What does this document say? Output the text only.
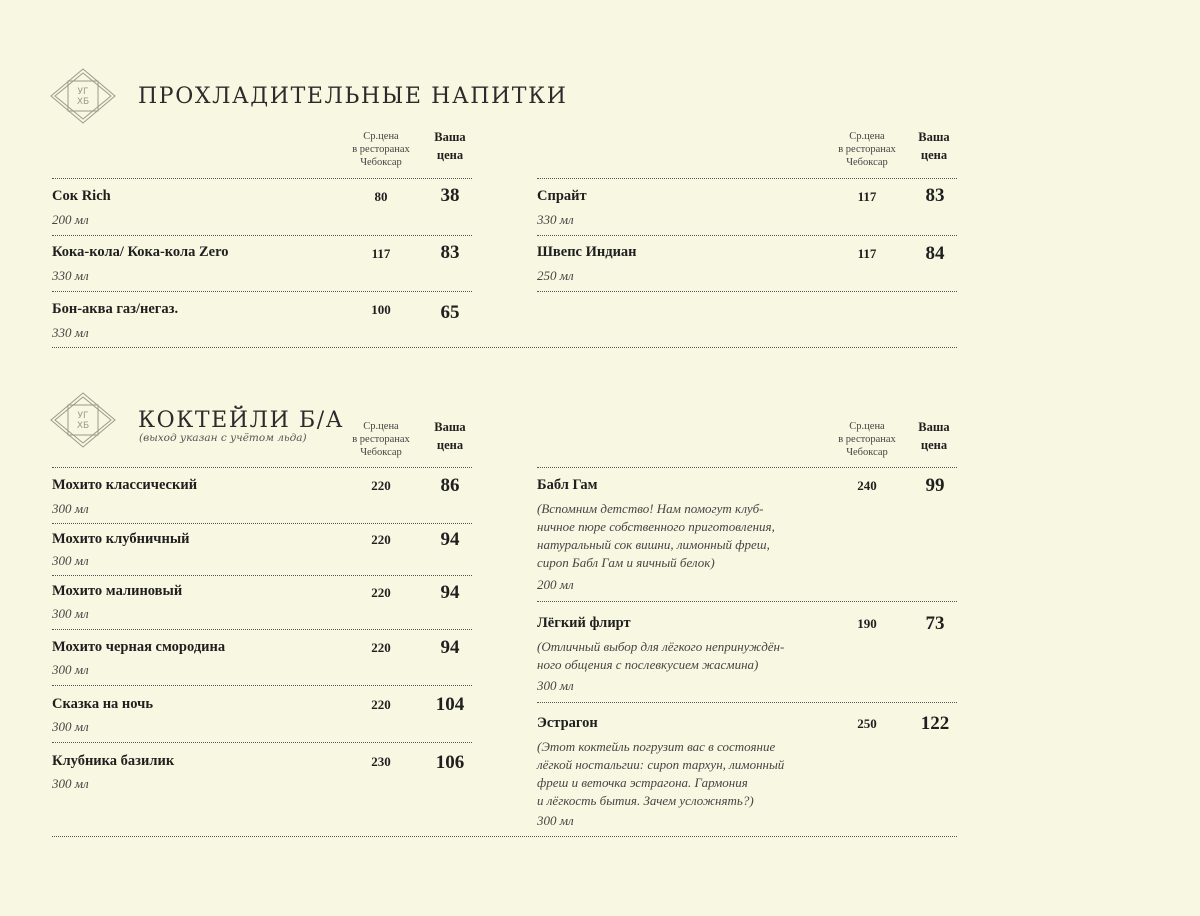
УГ
ХБ ПРОХЛАДИТЕЛЬНЫЕ НАПИТКИ
Ср.цена
в ресторанах
Чебоксар
Ваша
цена
Ср.цена
в ресторанах
Чебоксар
Ваша
цена
Сок Rich
200 мл
80	38
Кока-кола/ Кока-кола Zero
330 мл
117	83
Бон-аква газ/негаз.
330 мл
100	65
Спрайт
330 мл
117	83
Швепс Индиан
250 мл
117	84
УГ
ХБ КОКТЕЙЛИ Б/А
(выход указан с учётом льда)
Ср.цена
в ресторанах
Чебоксар
Ваша
цена
Ср.цена
в ресторанах
Чебоксар
Ваша
цена
Мохито классический
300 мл
220	86
Мохито клубничный
300 мл
220	94
Мохито малиновый
300 мл
220	94
Мохито черная смородина
300 мл
220	94
Сказка на ночь
300 мл
220	104
Клубника базилик
300 мл
230	106
Бабл Гам
(Вспомним детство! Нам помогут клуб-
ничное пюре собственного приготовления,
натуральный сок вишни, лимонный фреш,
сироп Бабл Гам и яичный белок)
200 мл
240	99
Лёгкий флирт
(Отличный выбор для лёгкого непринуждён-
ного общения с послевкусием жасмина)
300 мл
190	73
Эстрагон
(Этот коктейль погрузит вас в состояние
лёгкой ностальгии: сироп тархун, лимонный
фреш и веточка эстрагона. Гармония
и лёгкость бытия. Зачем усложнять?)
300 мл
250	122
